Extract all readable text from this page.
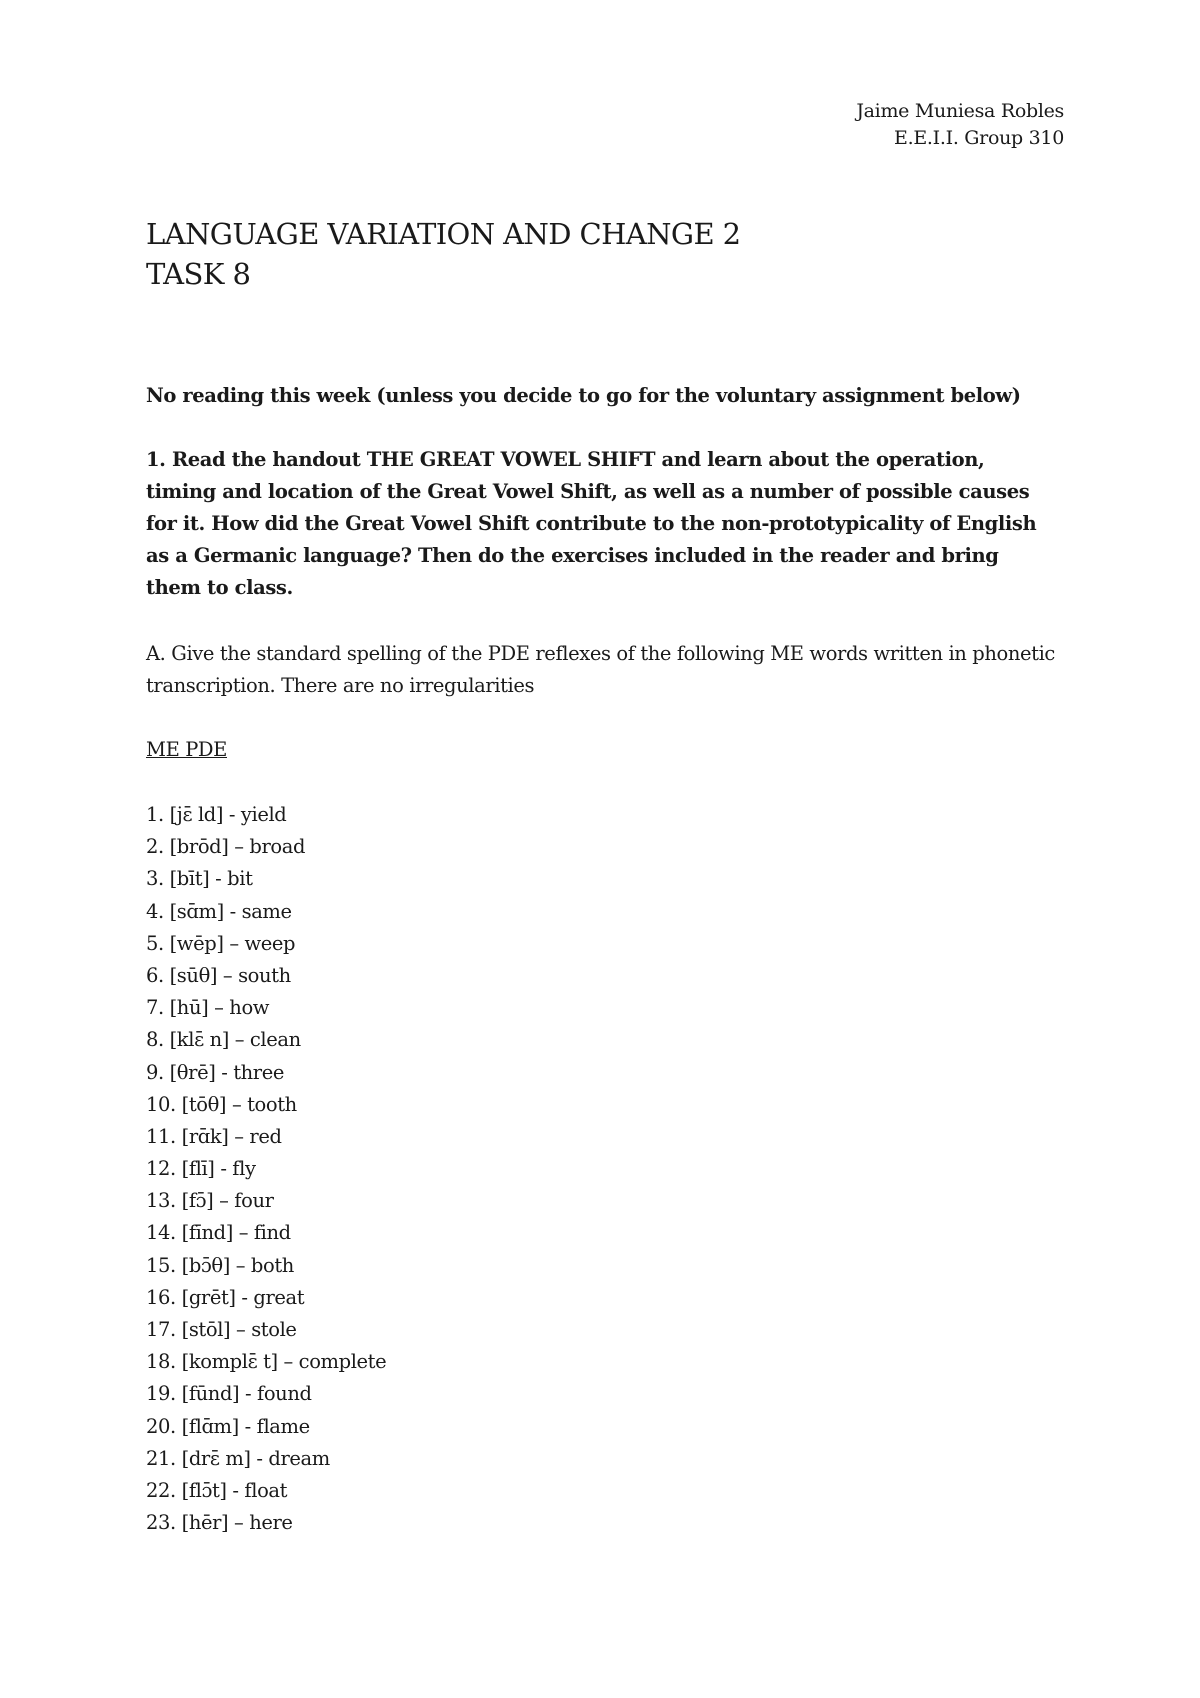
Jaime Muniesa Robles
E.E.I.I. Group 310
LANGUAGE VARIATION AND CHANGE 2
TASK 8

No reading this week (unless you decide to go for the voluntary assignment below)

1. Read the handout THE GREAT VOWEL SHIFT and learn about the operation, timing and location of the Great Vowel Shift, as well as a number of possible causes for it. How did the Great Vowel Shift contribute to the non-prototypicality of English as a Germanic language? Then do the exercises included in the reader and bring them to class.

A. Give the standard spelling of the PDE reflexes of the following ME words written in phonetic transcription. There are no irregularities

ME PDE
1. [jɛ̄ ld] - yield
2. [brōd] – broad
3. [bīt] - bit
4. [sɑ̄m] - same
5. [wēp] – weep
6. [sūθ] – south
7. [hū] – how
8. [klɛ̄ n] – clean
9. [θrē] - three
10. [tōθ] – tooth
11. [rɑ̄k] – red
12. [flī] - fly
13. [fɔ̄] – four
14. [fīnd] – find
15. [bɔ̄θ] – both
16. [grēt] - great
17. [stōl] – stole
18. [komplɛ̄ t] – complete
19. [fūnd] - found
20. [flɑ̄m] - flame
21. [drɛ̄ m] - dream
22. [flɔ̄t] - float
23. [hēr] – here
